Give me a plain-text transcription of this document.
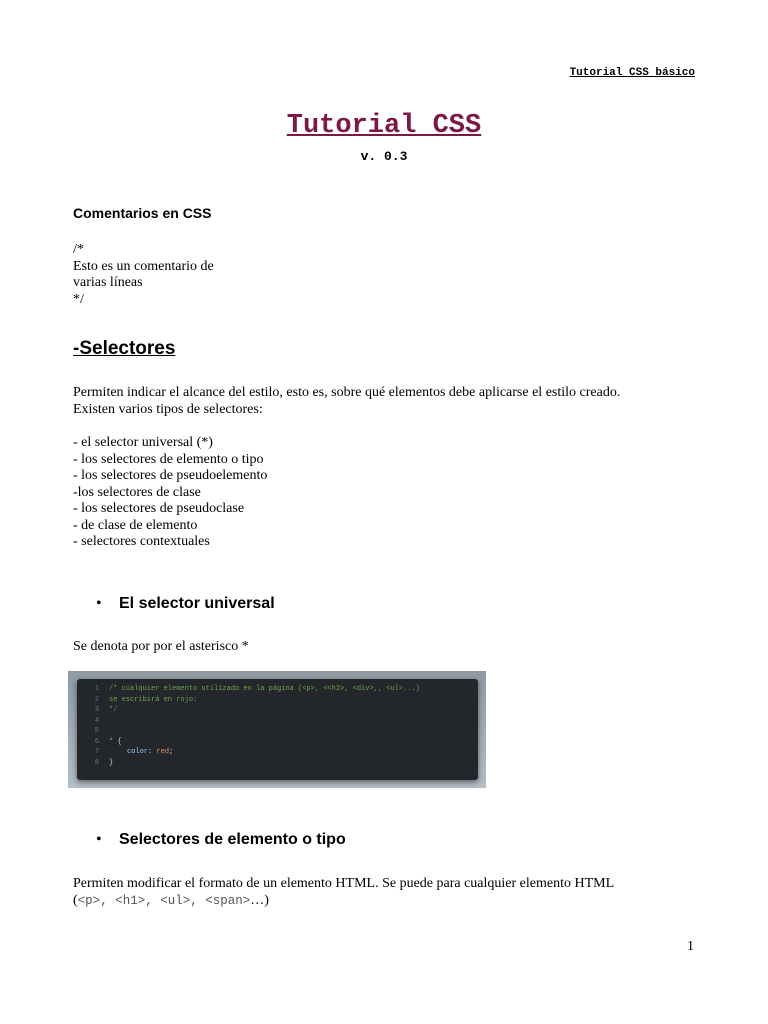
Tutorial CSS básico
Tutorial CSS
v. 0.3
Comentarios en CSS
/*
Esto es un comentario de
varias líneas
*/
-Selectores
Permiten indicar el alcance del estilo, esto es, sobre qué elementos debe aplicarse el estilo creado.
Existen varios tipos de selectores:
- el selector universal (*)
- los selectores de elemento o tipo
- los selectores de pseudoelemento
-los selectores de clase
- los selectores de pseudoclase
- de clase de elemento
- selectores contextuales
•	El selector universal
Se denota por por el asterisco *
1	/* cualquier elemento utilizado en la página (<p>, <<h2>, <div>,, <ul>...)
2	se escribirá en rojo:
3	*/
4
5
6	* {
7	color : red ;
8	}
•	Selectores de elemento o tipo
Permiten modificar el formato de un elemento HTML. Se puede para cualquier elemento HTML
(<p>, <h1>, <ul>, <span>…)
1
